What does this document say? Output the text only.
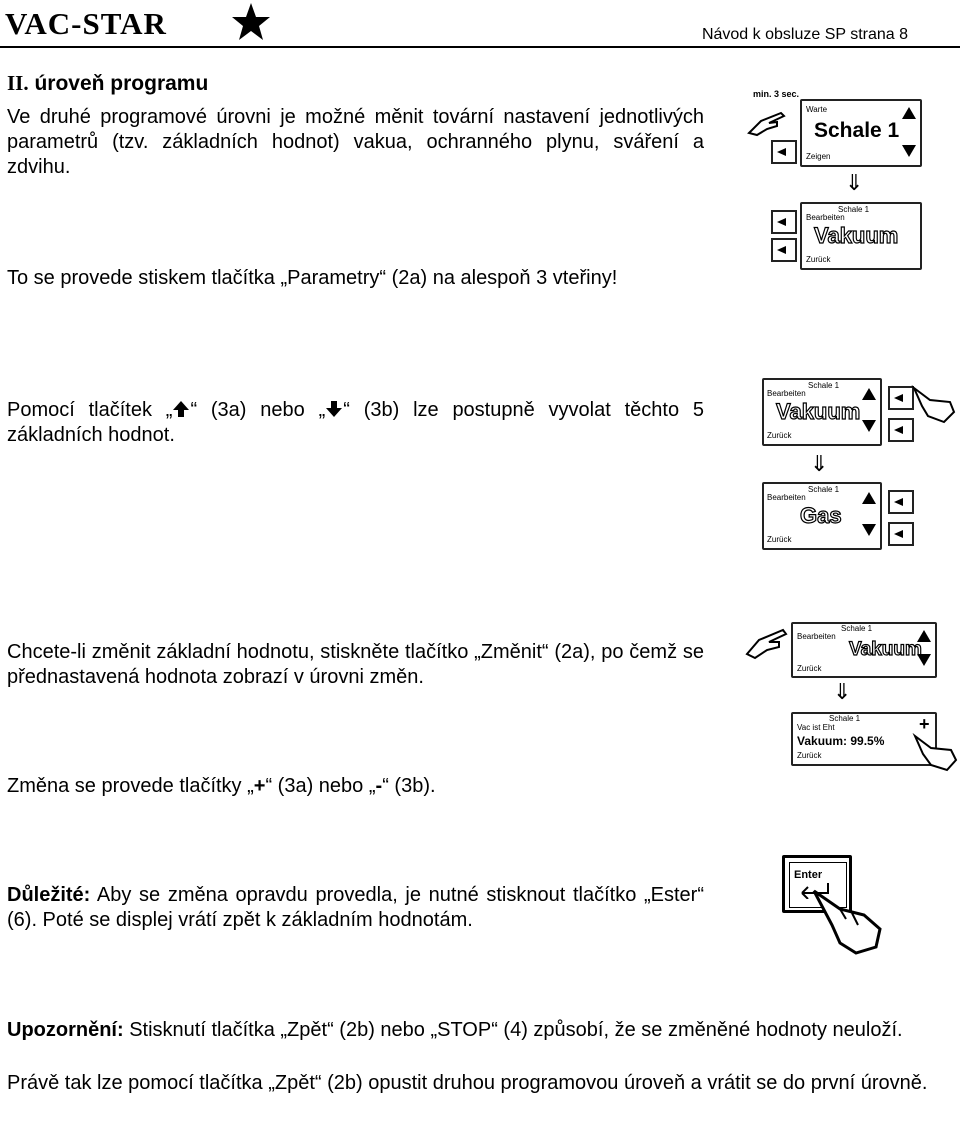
VAC-STAR	Návod k obsluze SP strana 8
II. úroveň programu
Ve druhé programové úrovni je možné měnit tovární nastavení jednotlivých parametrů (tzv. základních hodnot) vakua, ochranného plynu, sváření a zdvihu.
To se provede stiskem tlačítka „Parametry“ (2a) na alespoň 3 vteřiny!
Pomocí tlačítek „ “ (3a) nebo „ “ (3b) lze postupně vyvolat těchto 5 základních hodnot.
Chcete-li změnit základní hodnotu, stiskněte tlačítko „Změnit“ (2a), po čemž se přednastavená hodnota zobrazí v úrovni změn.
Změna se provede tlačítky „+“ (3a) nebo „-“ (3b).
Důležité: Aby se změna opravdu provedla, je nutné stisknout tlačítko „Ester“ (6). Poté se displej vrátí zpět k základním hodnotám.
Upozornění: Stisknutí tlačítka „Zpět“ (2b) nebo „STOP“ (4) způsobí, že se změněné hodnoty neuloží.
Právě tak lze pomocí tlačítka „Zpět“ (2b) opustit druhou programovou úroveň a vrátit se do první úrovně.
min. 3 sec.
Warte
Schale 1
Zeigen
⇓
Schale 1
Bearbeiten
Vakuum
Zurück
Schale 1
Bearbeiten
Vakuum
Zurück
⇓
Schale 1
Bearbeiten
Gas
Zurück
Schale 1
Bearbeiten
Vakuum
Zurück
⇓
Schale 1
Vac ist Eht
Vakuum: 99.5%
Zurück
+
Enter
